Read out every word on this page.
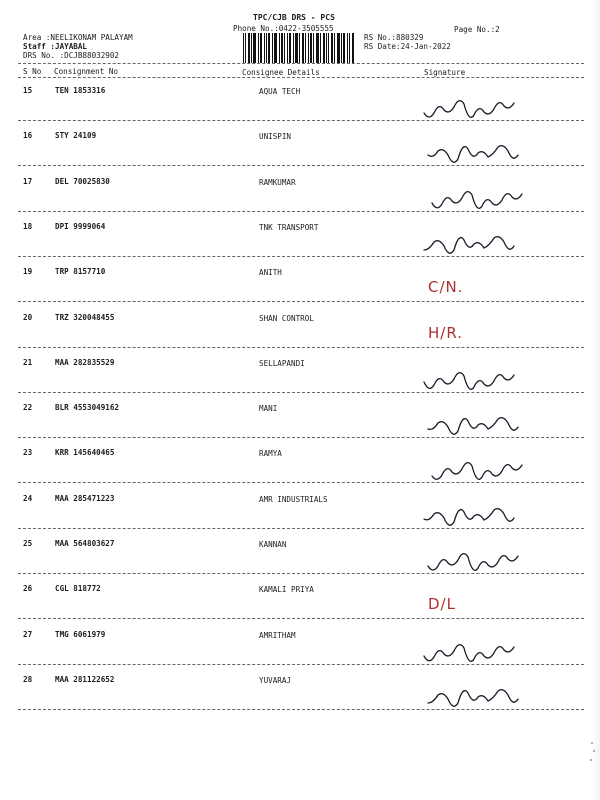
TPC/CJB DRS - PCS
Phone No.:0422-3505555	Page No.:2
Area :NEELIKONAM PALAYAM
Staff :JAYABAL
DRS No. :DCJB88032902
RS No.:880329
RS Date:24-Jan-2022
S No Consignment No	Consignee Details	Signature
15	TEN 1853316	AQUA TECH
16	STY 24109	UNISPIN
17	DEL 70025830	RAMKUMAR
18	DPI 9999064	TNK TRANSPORT
19	TRP 8157710	ANITH
C/N.
20	TRZ 320048455	SHAN CONTROL
H/R.
21	MAA 282835529	SELLAPANDI
22	BLR 4553049162	MANI
23	KRR 145640465	RAMYA
24	MAA 285471223	AMR INDUSTRIALS
25	MAA 564803627	KANNAN
26	CGL 818772	KAMALI PRIYA
D/L
27	TMG 6061979	AMRITHAM
28	MAA 281122652	YUVARAJ
